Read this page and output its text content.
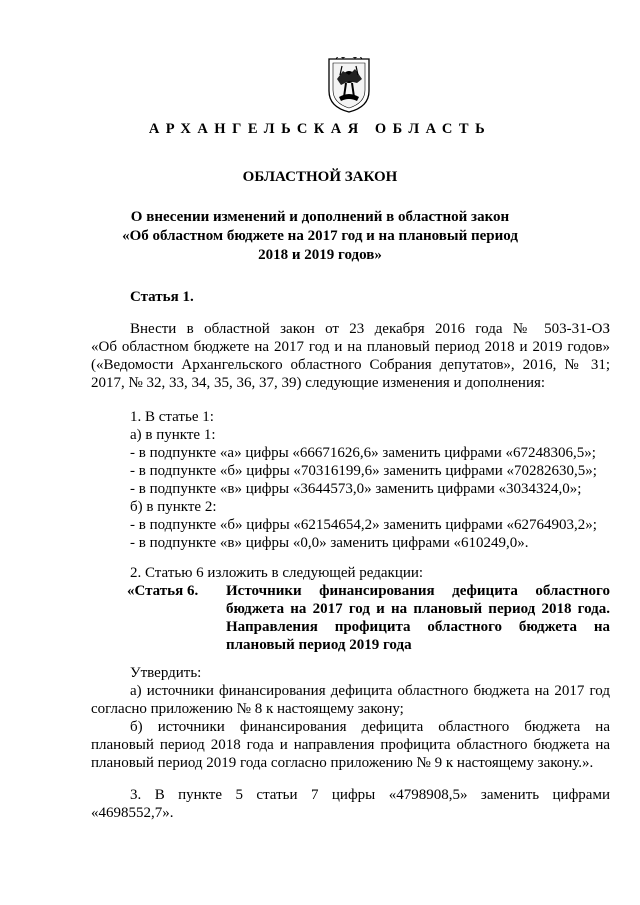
АРХАНГЕЛЬСКАЯ ОБЛАСТЬ
ОБЛАСТНОЙ ЗАКОН
О внесении изменений и дополнений в областной закон
«Об областном бюджете на 2017 год и на плановый период
2018 и 2019 годов»
Статья 1.
Внести в областной закон от 23 декабря 2016 года № 503-31-ОЗ
«Об областном бюджете на 2017 год и на плановый период 2018 и 2019 годов»
(«Ведомости Архангельского областного Собрания депутатов», 2016, № 31;
2017, № 32, 33, 34, 35, 36, 37, 39) следующие изменения и дополнения:
1. В статье 1:
а) в пункте 1:
- в подпункте «а» цифры «66671626,6» заменить цифрами «67248306,5»;
- в подпункте «б» цифры «70316199,6» заменить цифрами «70282630,5»;
- в подпункте «в» цифры «3644573,0» заменить цифрами «3034324,0»;
б) в пункте 2:
- в подпункте «б» цифры «62154654,2» заменить цифрами «62764903,2»;
- в подпункте «в» цифры «0,0» заменить цифрами «610249,0».
2. Статью 6 изложить в следующей редакции:
«Статья 6. Источники финансирования дефицита областного
бюджета на 2017 год и на плановый период 2018 года.
Направления профицита областного бюджета на
плановый период 2019 года
Утвердить:
а) источники финансирования дефицита областного бюджета на 2017 год
согласно приложению № 8 к настоящему закону;
б) источники финансирования дефицита областного бюджета на
плановый период 2018 года и направления профицита областного бюджета на
плановый период 2019 года согласно приложению № 9 к настоящему закону.».
3. В пункте 5 статьи 7 цифры «4798908,5» заменить цифрами
«4698552,7».
